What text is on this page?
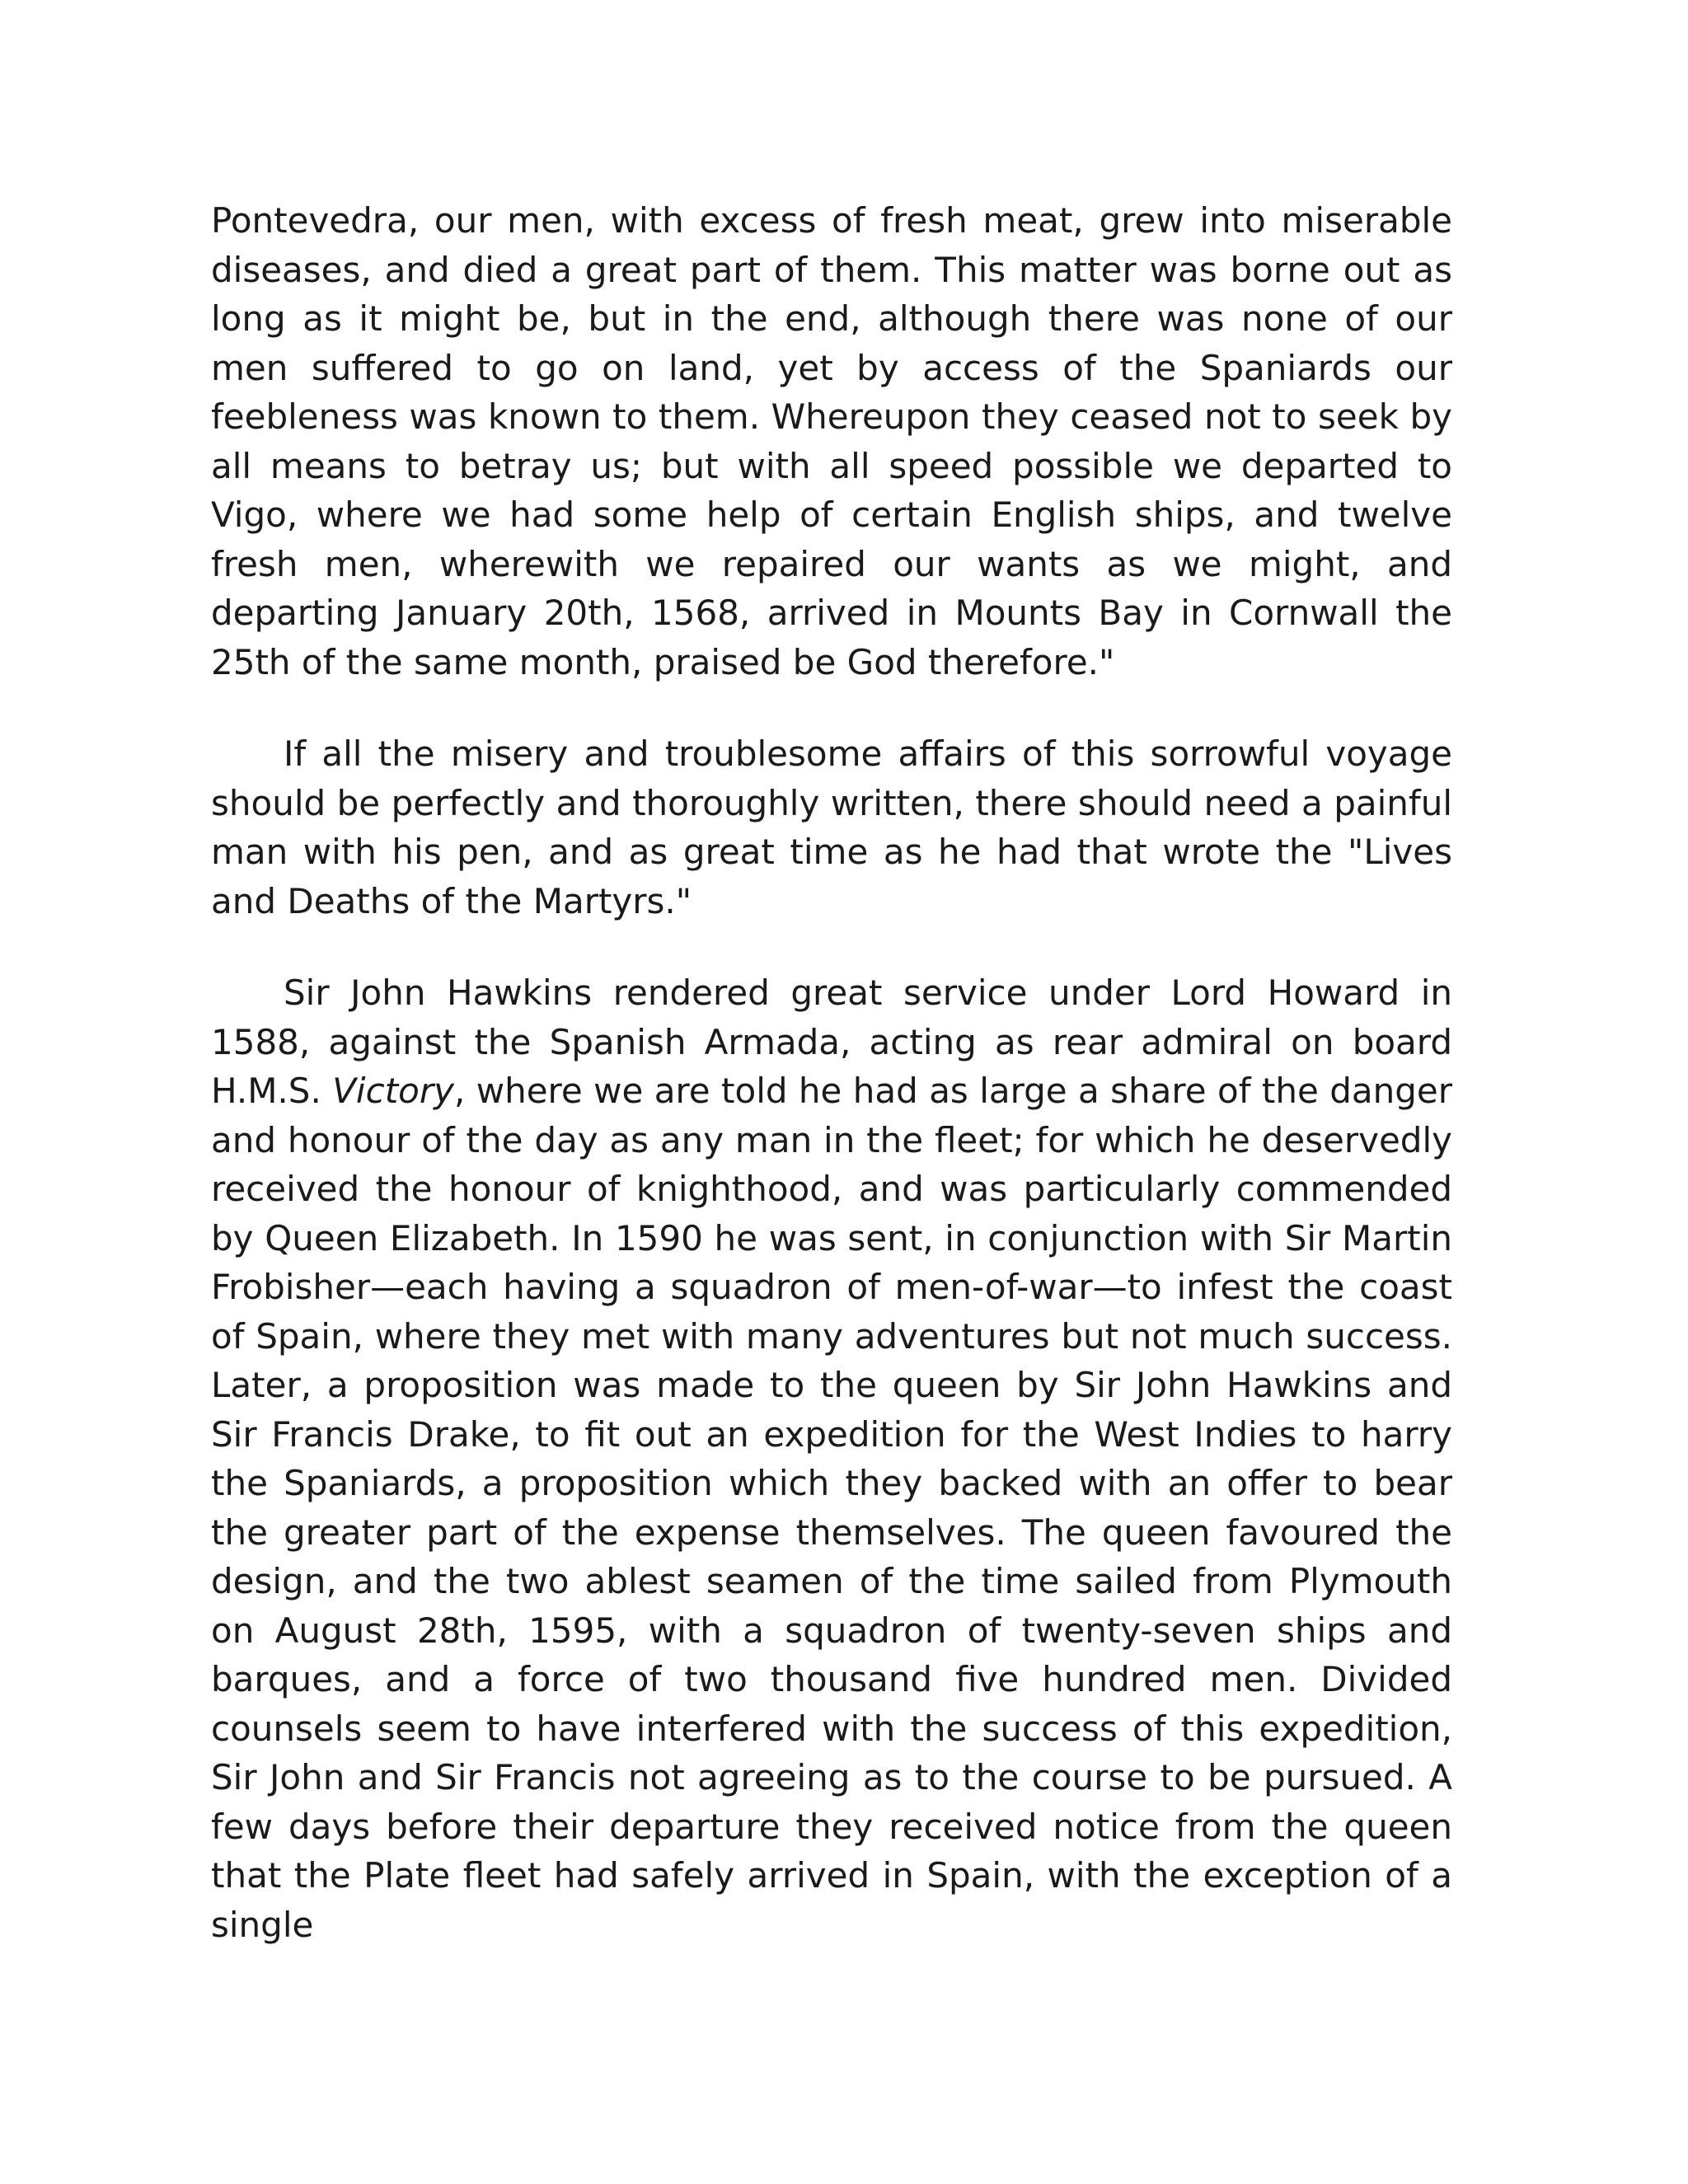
Pontevedra, our men, with excess of fresh meat, grew into miserable diseases, and died a great part of them. This matter was borne out as long as it might be, but in the end, although there was none of our men suffered to go on land, yet by access of the Spaniards our feebleness was known to them. Whereupon they ceased not to seek by all means to betray us; but with all speed possible we departed to Vigo, where we had some help of certain English ships, and twelve fresh men, wherewith we repaired our wants as we might, and departing January 20th, 1568, arrived in Mounts Bay in Cornwall the 25th of the same month, praised be God therefore."

If all the misery and troublesome affairs of this sorrowful voyage should be perfectly and thoroughly written, there should need a painful man with his pen, and as great time as he had that wrote the "Lives and Deaths of the Martyrs."

Sir John Hawkins rendered great service under Lord Howard in 1588, against the Spanish Armada, acting as rear admiral on board H.M.S. Victory, where we are told he had as large a share of the danger and honour of the day as any man in the fleet; for which he deservedly received the honour of knighthood, and was particularly commended by Queen Elizabeth. In 1590 he was sent, in conjunction with Sir Martin Frobisher—each having a squadron of men-of-war—to infest the coast of Spain, where they met with many adventures but not much success. Later, a proposition was made to the queen by Sir John Hawkins and Sir Francis Drake, to fit out an expedition for the West Indies to harry the Spaniards, a proposition which they backed with an offer to bear the greater part of the expense themselves. The queen favoured the design, and the two ablest seamen of the time sailed from Plymouth on August 28th, 1595, with a squadron of twenty-seven ships and barques, and a force of two thousand five hundred men. Divided counsels seem to have interfered with the success of this expedition, Sir John and Sir Francis not agreeing as to the course to be pursued. A few days before their departure they received notice from the queen that the Plate fleet had safely arrived in Spain, with the exception of a single
